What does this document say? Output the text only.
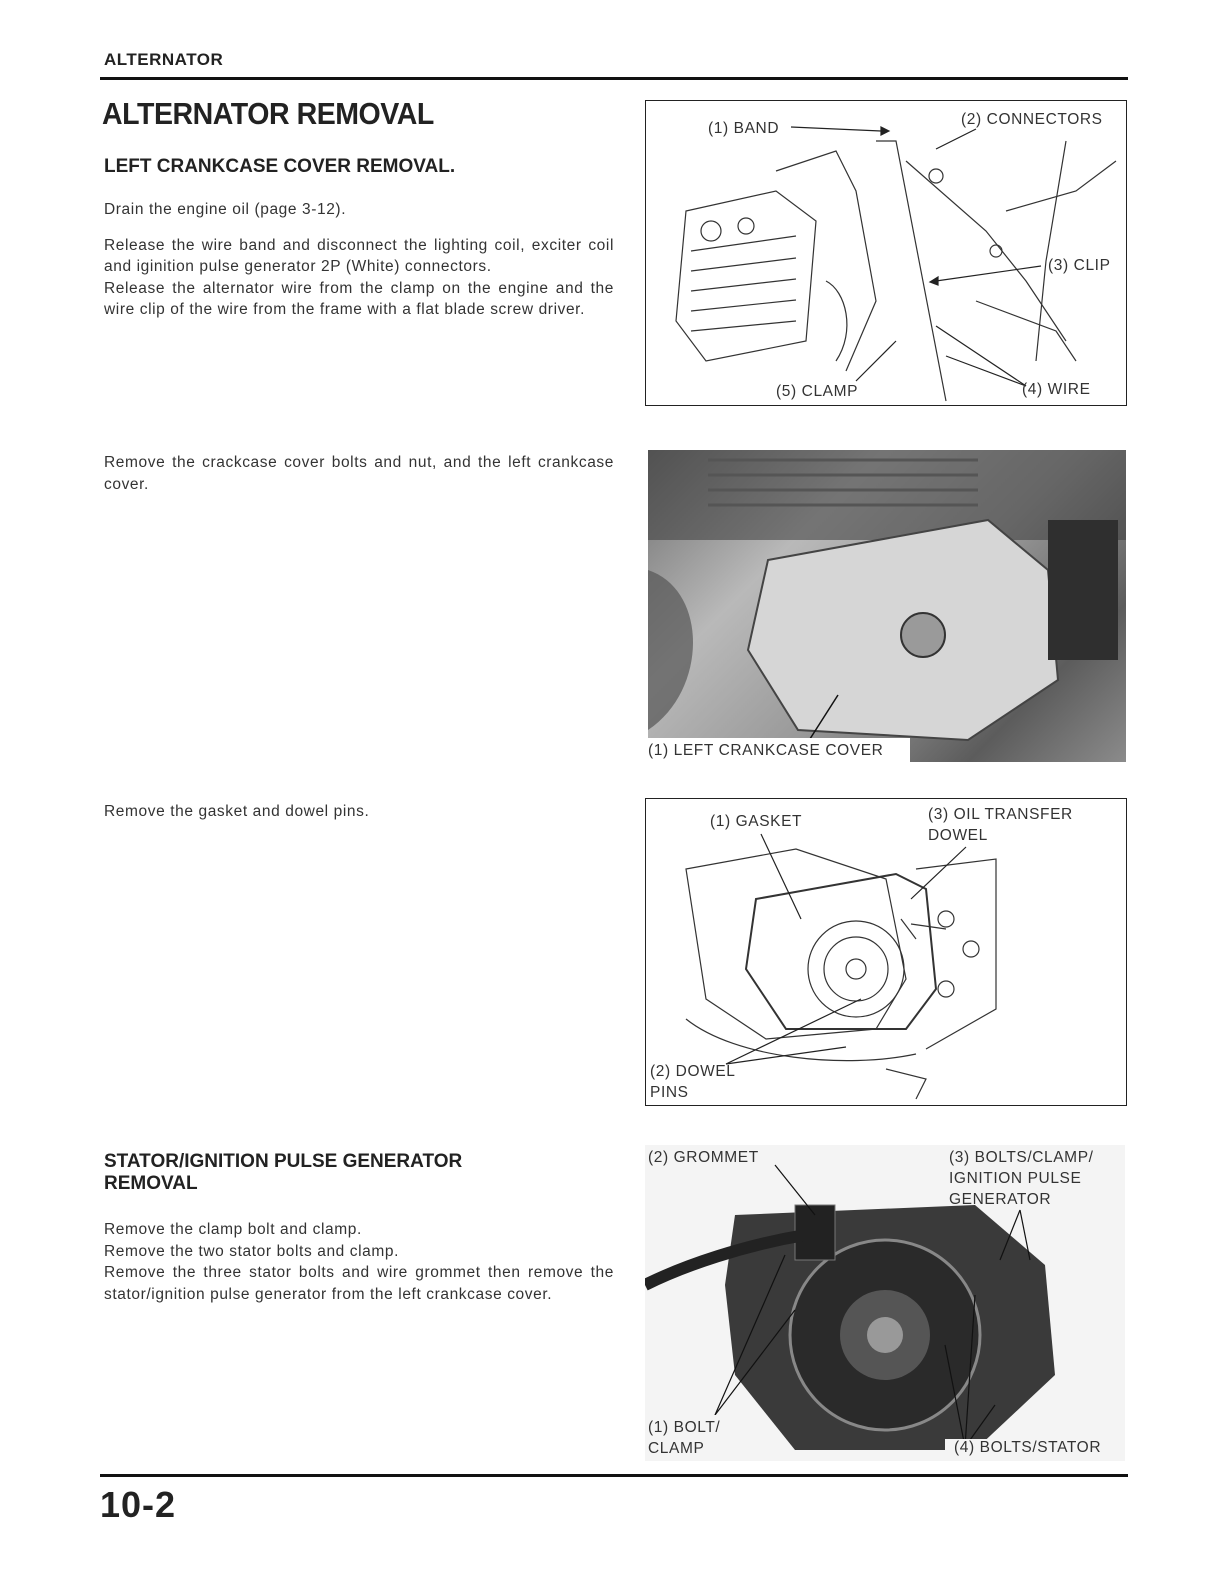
ALTERNATOR
ALTERNATOR REMOVAL
LEFT CRANKCASE COVER REMOVAL.

Drain the engine oil (page 3-12).

Release the wire band and disconnect the lighting coil, exciter coil and iginition pulse generator 2P (White) connectors.

Release the alternator wire from the clamp on the engine and the wire clip of the wire from the frame with a flat blade screw driver.

Remove the crackcase cover bolts and nut, and the left crankcase cover.
Remove the gasket and dowel pins.
STATOR/IGNITION PULSE GENERATOR REMOVAL
Remove the clamp bolt and clamp.
Remove the two stator bolts and clamp.
Remove the three stator bolts and wire grommet then remove the stator/ignition pulse generator from the left crankcase cover.
(1) BAND
(2) CONNECTORS
(3) CLIP
(4) WIRE
(5) CLAMP
(1) LEFT CRANKCASE COVER
(1) GASKET	(3) OIL TRANSFER
DOWEL
(2) DOWEL
PINS
(2) GROMMET	(3) BOLTS/CLAMP/
IGNITION PULSE
GENERATOR
(1) BOLT/
CLAMP	(4) BOLTS/STATOR
10-2
